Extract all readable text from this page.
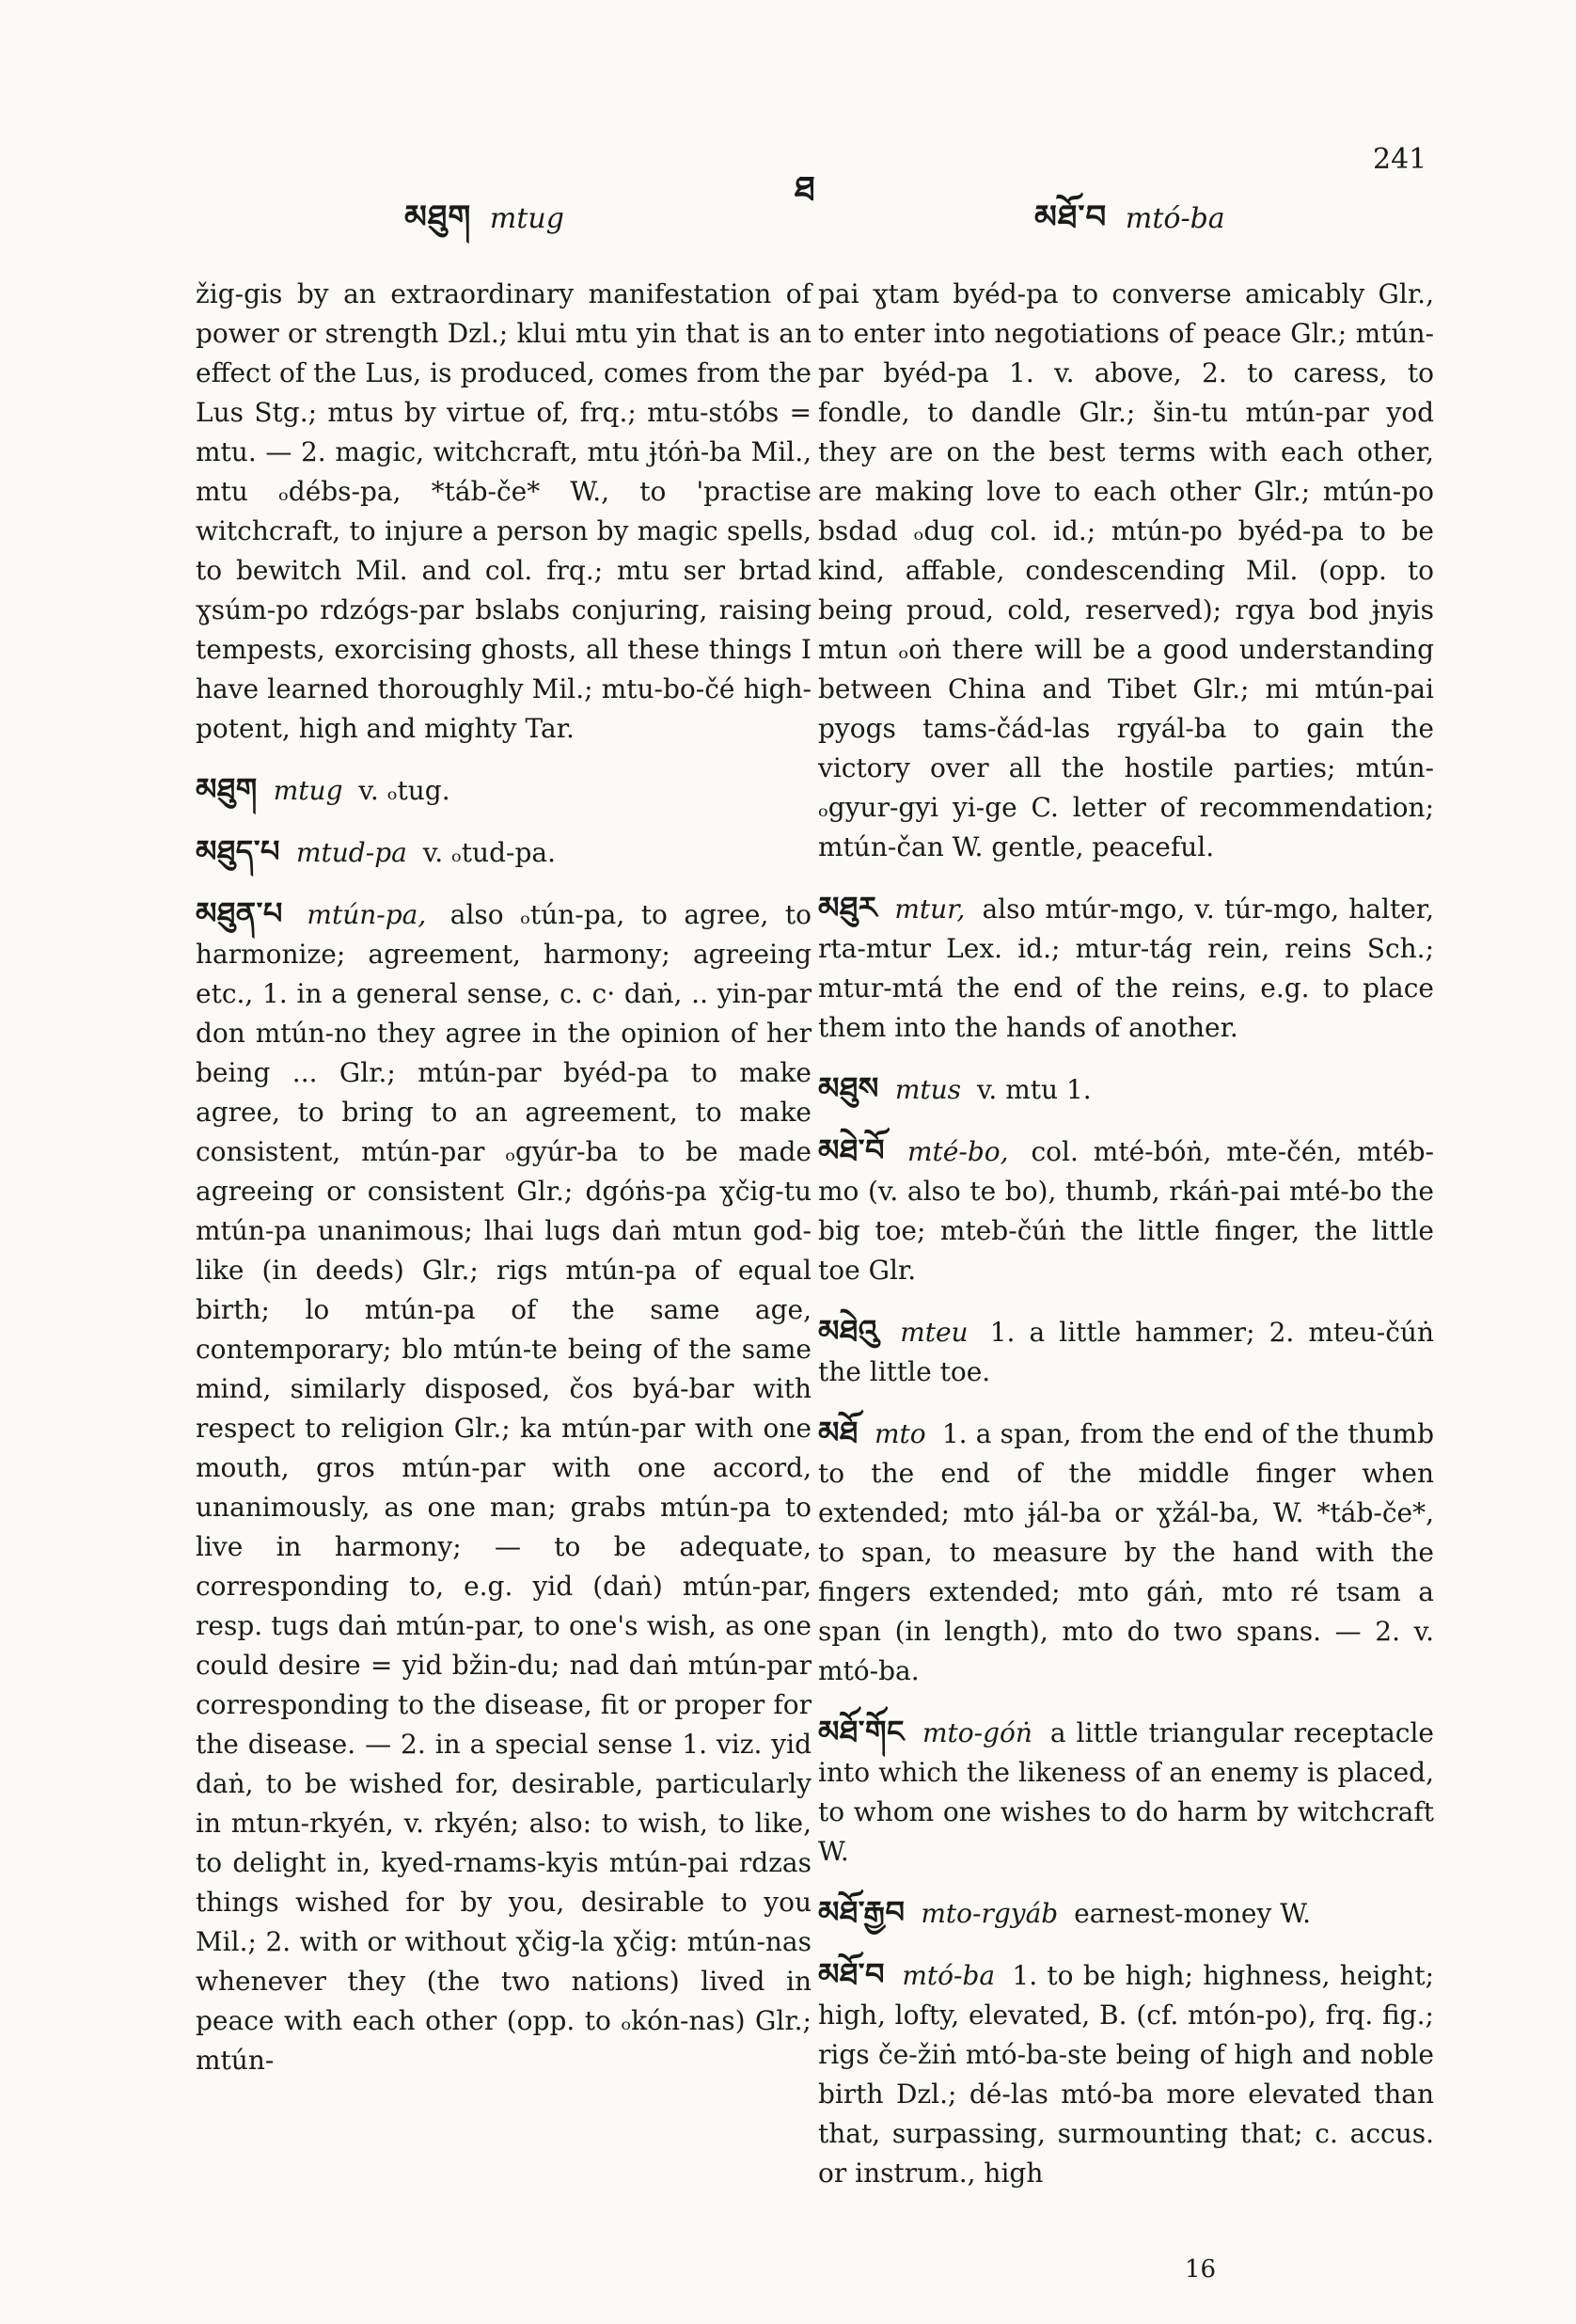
མཐུག mtug
ཐ
མཐོ་བ mtó-ba
241

žig-gis by an extraordinary manifestation of power or strength Dzl.; klui mtu yin that is an effect of the Lus, is produced, comes from the Lus Stg.; mtus by virtue of, frq.; mtu-stóbs = mtu. — 2. magic, witchcraft, mtu ɉtóṅ-ba Mil., mtu ₒdébs-pa, *táb-če* W., to 'practise witchcraft, to injure a person by magic spells, to bewitch Mil. and col. frq.; mtu ser brtad ɣsúm-po rdzógs-par bslabs conjuring, raising tempests, exorcising ghosts, all these things I have learned thoroughly Mil.; mtu-bo-čé high-potent, high and mighty Tar.

མཐུག mtug v. ₒtug.

མཐུད་པ mtud-pa v. ₒtud-pa.

མཐུན་པ mtún-pa, also ₒtún-pa, to agree, to harmonize; agreement, harmony; agreeing etc., 1. in a general sense, c. c· daṅ, .. yin-par don mtún-no they agree in the opinion of her being ... Glr.; mtún-par byéd-pa to make agree, to bring to an agreement, to make consistent, mtún-par ₒgyúr-ba to be made agreeing or consistent Glr.; dgóṅs-pa ɣčig-tu mtún-pa unanimous; lhai lugs daṅ mtun god-like (in deeds) Glr.; rigs mtún-pa of equal birth; lo mtún-pa of the same age, contemporary; blo mtún-te being of the same mind, similarly disposed, čos byá-bar with respect to religion Glr.; ka mtún-par with one mouth, gros mtún-par with one accord, unanimously, as one man; grabs mtún-pa to live in harmony; — to be adequate, corresponding to, e.g. yid (daṅ) mtún-par, resp. tugs daṅ mtún-par, to one's wish, as one could desire = yid bžin-du; nad daṅ mtún-par corresponding to the disease, fit or proper for the disease. — 2. in a special sense 1. viz. yid daṅ, to be wished for, desirable, particularly in mtun-rkyén, v. rkyén; also: to wish, to like, to delight in, kyed-rnams-kyis mtún-pai rdzas things wished for by you, desirable to you Mil.; 2. with or without ɣčig-la ɣčig: mtún-nas whenever they (the two nations) lived in peace with each other (opp. to ₒkón-nas) Glr.; mtún-

pai ɣtam byéd-pa to converse amicably Glr., to enter into negotiations of peace Glr.; mtún-par byéd-pa 1. v. above, 2. to caress, to fondle, to dandle Glr.; šin-tu mtún-par yod they are on the best terms with each other, are making love to each other Glr.; mtún-po bsdad ₒdug col. id.; mtún-po byéd-pa to be kind, affable, condescending Mil. (opp. to being proud, cold, reserved); rgya bod ɉnyis mtun ₒoṅ there will be a good understanding between China and Tibet Glr.; mi mtún-pai pyogs tams-čád-las rgyál-ba to gain the victory over all the hostile parties; mtún-ₒgyur-gyi yi-ge C. letter of recommendation; mtún-čan W. gentle, peaceful.

མཐུར mtur, also mtúr-mgo, v. túr-mgo, halter, rta-mtur Lex. id.; mtur-tág rein, reins Sch.; mtur-mtá the end of the reins, e.g. to place them into the hands of another.

མཐུས mtus v. mtu 1.

མཐེ་བོ mté-bo, col. mté-bóṅ, mte-čén, mtéb-mo (v. also te bo), thumb, rkáṅ-pai mté-bo the big toe; mteb-čúṅ the little finger, the little toe Glr.

མཐེའུ mteu 1. a little hammer; 2. mteu-čúṅ the little toe.

མཐོ mto 1. a span, from the end of the thumb to the end of the middle finger when extended; mto ɉál-ba or ɣžál-ba, W. *táb-če*, to span, to measure by the hand with the fingers extended; mto gáṅ, mto ré tsam a span (in length), mto do two spans. — 2. v. mtó-ba.

མཐོ་གོང mto-góṅ a little triangular receptacle into which the likeness of an enemy is placed, to whom one wishes to do harm by witchcraft W.

མཐོ་རྒྱབ mto-rgyáb earnest-money W.

མཐོ་བ mtó-ba 1. to be high; highness, height; high, lofty, elevated, B. (cf. mtón-po), frq. fig.; rigs če-žiṅ mtó-ba-ste being of high and noble birth Dzl.; dé-las mtó-ba more elevated than that, surpassing, surmounting that; c. accus. or instrum., high

16
